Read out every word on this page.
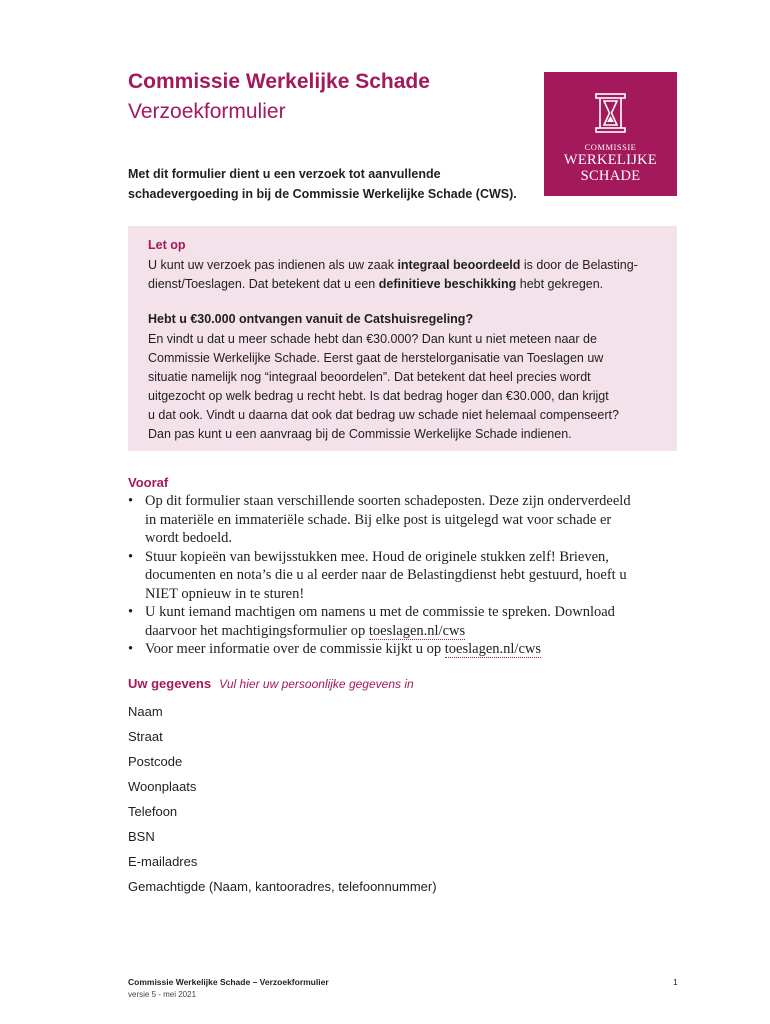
Commissie Werkelijke Schade
Verzoekformulier
COMMISSIE
WERKELIJKE
SCHADE
Met dit formulier dient u een verzoek tot aanvullende
schadevergoeding in bij de Commissie Werkelijke Schade (CWS).
Let op
U kunt uw verzoek pas indienen als uw zaak integraal beoordeeld is door de Belasting-
dienst/Toeslagen. Dat betekent dat u een definitieve beschikking hebt gekregen.
Hebt u €30.000 ontvangen vanuit de Catshuisregeling?
En vindt u dat u meer schade hebt dan €30.000? Dan kunt u niet meteen naar de
Commissie Werkelijke Schade. Eerst gaat de herstelorganisatie van Toeslagen uw
situatie namelijk nog “integraal beoordelen”. Dat betekent dat heel precies wordt
uitgezocht op welk bedrag u recht hebt. Is dat bedrag hoger dan €30.000, dan krijgt
u dat ook. Vindt u daarna dat ook dat bedrag uw schade niet helemaal compenseert?
Dan pas kunt u een aanvraag bij de Commissie Werkelijke Schade indienen.
Vooraf
• Op dit formulier staan verschillende soorten schadeposten. Deze zijn onderverdeeld
in materiële en immateriële schade. Bij elke post is uitgelegd wat voor schade er
wordt bedoeld.
• Stuur kopieën van bewijsstukken mee. Houd de originele stukken zelf! Brieven,
documenten en nota’s die u al eerder naar de Belastingdienst hebt gestuurd, hoeft u
NIET opnieuw in te sturen!
• U kunt iemand machtigen om namens u met de commissie te spreken. Download
daarvoor het machtigingsformulier op toeslagen.nl/cws
• Voor meer informatie over de commissie kijkt u op toeslagen.nl/cws
Uw gegevens Vul hier uw persoonlijke gegevens in
Naam
Straat
Postcode
Woonplaats
Telefoon
BSN
E-mailadres
Gemachtigde (Naam, kantooradres, telefoonnummer)
Commissie Werkelijke Schade – Verzoekformulier
versie 5 - mei 2021
1
